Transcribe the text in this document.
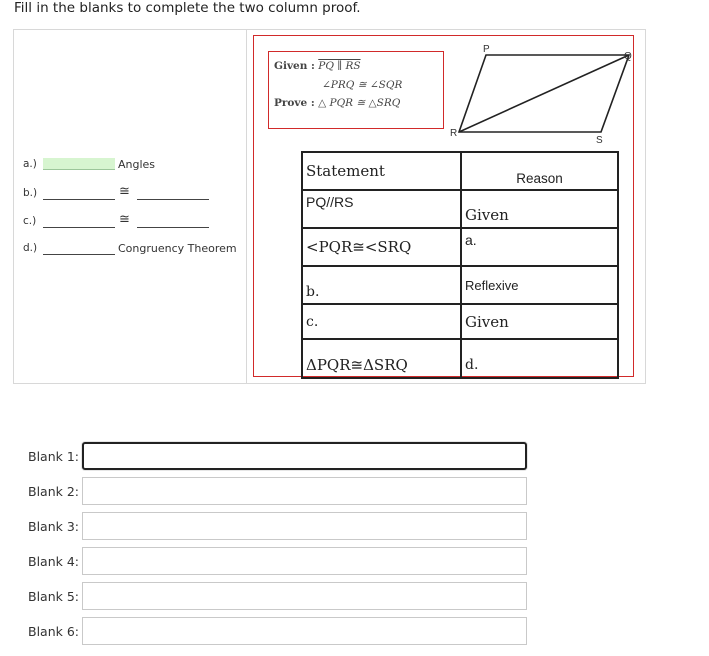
Fill in the blanks to complete the two column proof.
a.)	Angles
b.)	≅
c.)	≅
d.)	Congruency Theorem
Given : PQ ∥ RS
∠PRQ ≅ ∠SQR
Prove : △ PQR ≅ △SRQ
P
Q
R
S
Statement	Reason
PQ//RS	Given
<PQR≅<SRQ	a.
b.	Reflexive
c.	Given
ΔPQR≅ΔSRQ	d.
Blank 1:
Blank 2:
Blank 3:
Blank 4:
Blank 5:
Blank 6:
